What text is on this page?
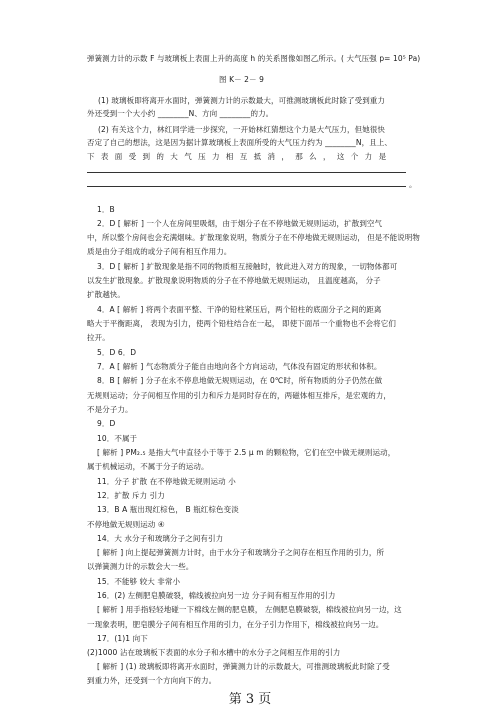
弹簧测力计的示数 F 与玻璃板上表面上升的高度 h 的关系图像如图乙所示。( 大气压强 p= 10⁵ Pa)
图 K－ 2－ 9
(1) 玻璃板即将离开水面时，弹簧测力计的示数最大，可推测玻璃板此时除了受到重力
外还受到一个大小约 ________N、方向 ________的力。
(2) 有关这个力，林红同学进一步探究，一开始林红猜想这个力是大气压力，但她很快
否定了自己的想法，这是因为据计算玻璃板上表面所受的大气压力约为 ________N，且上、
下 表 面 受 到 的 大 气 压 力 相 互 抵 消 ， 那 么 ， 这 个 力 是
。
1．B
2．D [ 解析 ] 一个人在房间里吸烟，由于烟分子在不停地做无规则运动，扩散到空气
中，所以整个房间也会充满烟味。扩散现象说明，物质分子在不停地做无规则运动， 但是不能说明物
质是由分子组成的或分子间有相互作用力。
3．D [ 解析 ] 扩散现象是指不同的物质相互接触时，彼此进入对方的现象，一切物体都可
以发生扩散现象。扩散现象说明物质的分子在不停地做无规则运动， 且温度越高， 分子
扩散越快。
4．A [ 解析 ] 将两个表面平整、干净的铅柱紧压后，两个铅柱的底面分子之间的距离
略大于平衡距离， 表现为引力，使两个铅柱结合在一起， 即使下面吊一个重物也不会将它们
拉开。
5．D 6．D
7．A [ 解析 ] 气态物质分子能自由地向各个方向运动，气体没有固定的形状和体积。
8．B [ 解析 ] 分子在永不停息地做无规则运动，在 0℃时，所有物质的分子仍然在做
无规则运动；分子间相互作用的引力和斥力是同时存在的，两磁体相互排斥，是宏观的力，
不是分子力。
9．D
10．不属于
[ 解析 ] PM₂.₅ 是指大气中直径小于等于 2.5 μ m 的颗粒物，它们在空中做无规则运动，
属于机械运动，不属于分子的运动。
11．分子 扩散 在不停地做无规则运动 小
12．扩散 斥力 引力
13．B A 瓶出现红棕色， B 瓶红棕色变淡
不停地做无规则运动 ④
14．大 水分子和玻璃分子之间有引力
[ 解析 ] 向上提起弹簧测力计时，由于水分子和玻璃分子之间存在相互作用的引力，所
以弹簧测力计的示数会大一些。
15．不能够 较大 非常小
16．(2) 左侧肥皂膜破裂，棉线被拉向另一边 分子间有相互作用的引力
[ 解析 ] 用手指轻轻地碰一下棉线左侧的肥皂膜， 左侧肥皂膜破裂，棉线被拉向另一边，这
一现象表明，肥皂膜分子间有相互作用的引力，在分子引力作用下，棉线被拉向另一边。
17．(1)1 向下
(2)1000 沾在玻璃板下表面的水分子和水槽中的水分子之间相互作用的引力
[ 解析 ] (1) 玻璃板即将离开水面时，弹簧测力计的示数最大，可推测玻璃板此时除了受
到重力外，还受到一个方向向下的力。
第 3 页
